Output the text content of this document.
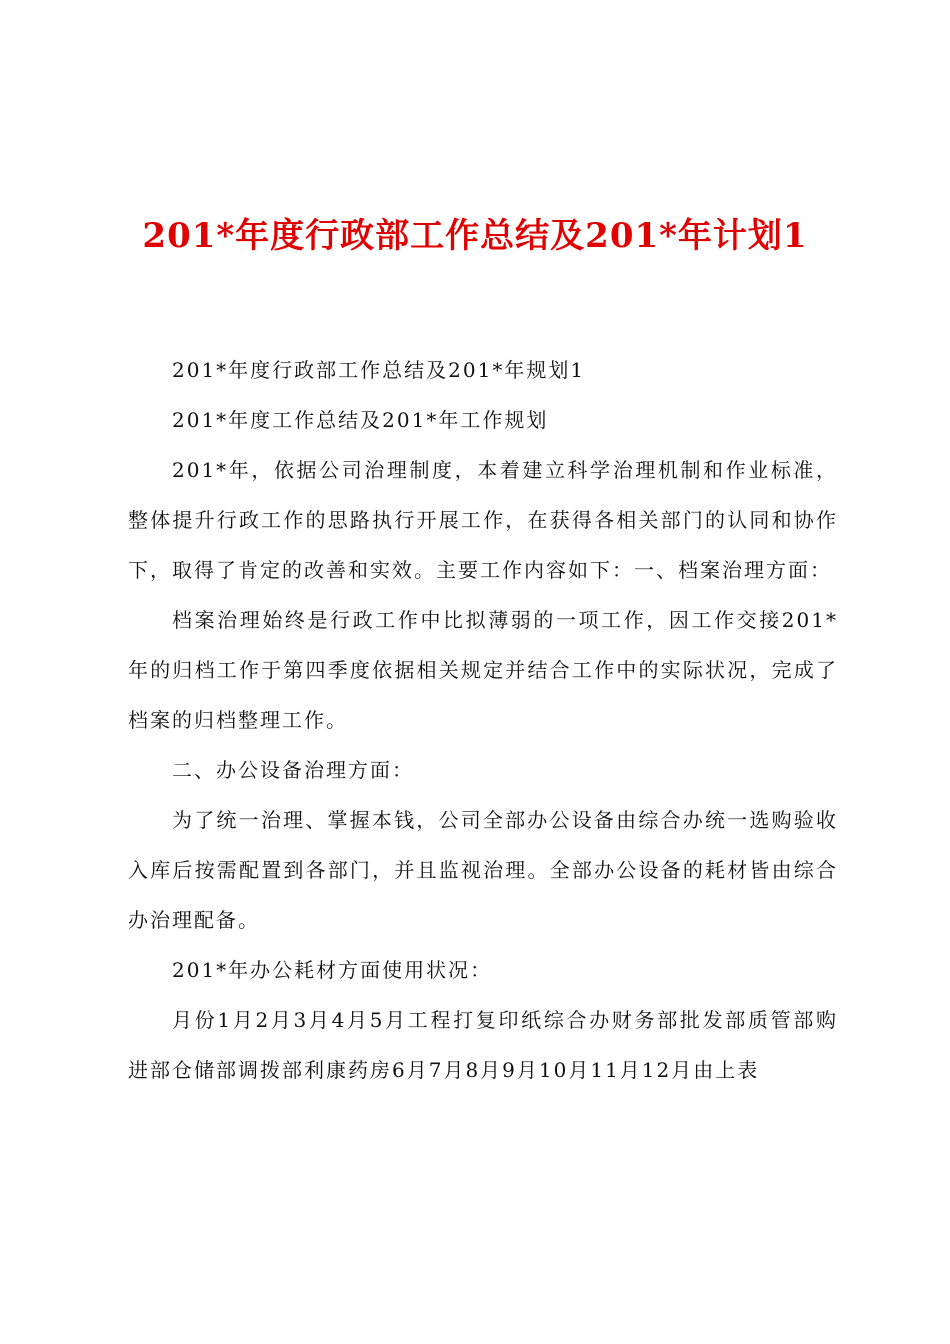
201*年度行政部工作总结及201*年计划1

201*年度行政部工作总结及201*年规划1

201*年度工作总结及201*年工作规划

201*年，依据公司治理制度，本着建立科学治理机制和作业标准，整体提升行政工作的思路执行开展工作，在获得各相关部门的认同和协作下，取得了肯定的改善和实效。主要工作内容如下：一、档案治理方面：

档案治理始终是行政工作中比拟薄弱的一项工作，因工作交接201*年的归档工作于第四季度依据相关规定并结合工作中的实际状况，完成了档案的归档整理工作。

二、办公设备治理方面：

为了统一治理、掌握本钱，公司全部办公设备由综合办统一选购验收入库后按需配置到各部门，并且监视治理。全部办公设备的耗材皆由综合办治理配备。

201*年办公耗材方面使用状况：

月份1月2月3月4月5月工程打复印纸综合办财务部批发部质管部购进部仓储部调拨部利康药房6月7月8月9月10月11月12月由上表
